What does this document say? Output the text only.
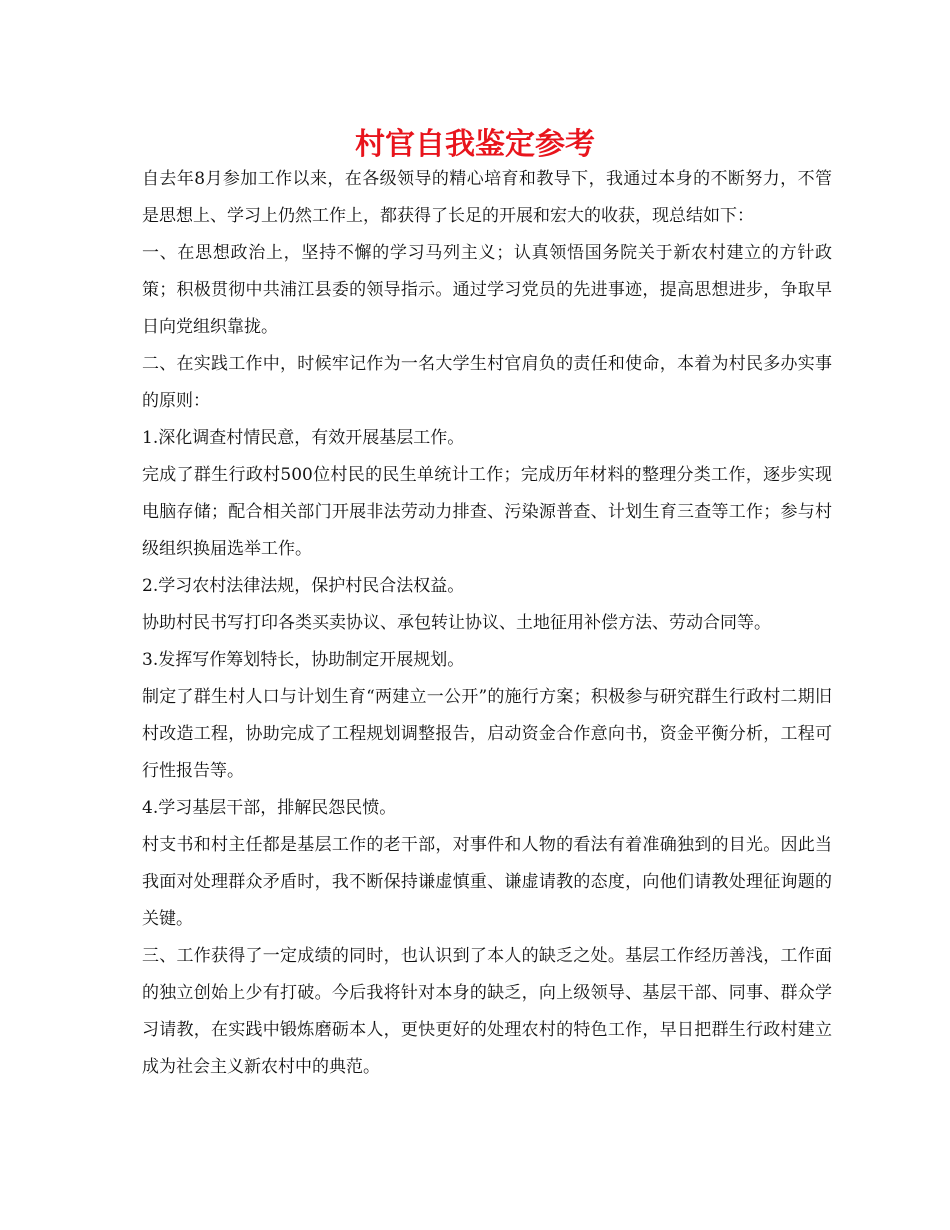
村官自我鉴定参考

自去年8月参加工作以来，在各级领导的精心培育和教导下，我通过本身的不断努力，不管是思想上、学习上仍然工作上，都获得了长足的开展和宏大的收获，现总结如下：

一、在思想政治上，坚持不懈的学习马列主义；认真领悟国务院关于新农村建立的方针政策；积极贯彻中共浦江县委的领导指示。通过学习党员的先进事迹，提高思想进步，争取早日向党组织靠拢。

二、在实践工作中，时候牢记作为一名大学生村官肩负的责任和使命，本着为村民多办实事的原则：

1.深化调查村情民意，有效开展基层工作。

完成了群生行政村500位村民的民生单统计工作；完成历年材料的整理分类工作，逐步实现电脑存储；配合相关部门开展非法劳动力排查、污染源普查、计划生育三查等工作；参与村级组织换届选举工作。

2.学习农村法律法规，保护村民合法权益。

协助村民书写打印各类买卖协议、承包转让协议、土地征用补偿方法、劳动合同等。

3.发挥写作筹划特长，协助制定开展规划。

制定了群生村人口与计划生育“两建立一公开”的施行方案；积极参与研究群生行政村二期旧村改造工程，协助完成了工程规划调整报告，启动资金合作意向书，资金平衡分析，工程可行性报告等。

4.学习基层干部，排解民怨民愤。

村支书和村主任都是基层工作的老干部，对事件和人物的看法有着准确独到的目光。因此当我面对处理群众矛盾时，我不断保持谦虚慎重、谦虚请教的态度，向他们请教处理征询题的关键。

三、工作获得了一定成绩的同时，也认识到了本人的缺乏之处。基层工作经历善浅，工作面的独立创始上少有打破。今后我将针对本身的缺乏，向上级领导、基层干部、同事、群众学习请教，在实践中锻炼磨砺本人，更快更好的处理农村的特色工作，早日把群生行政村建立成为社会主义新农村中的典范。
